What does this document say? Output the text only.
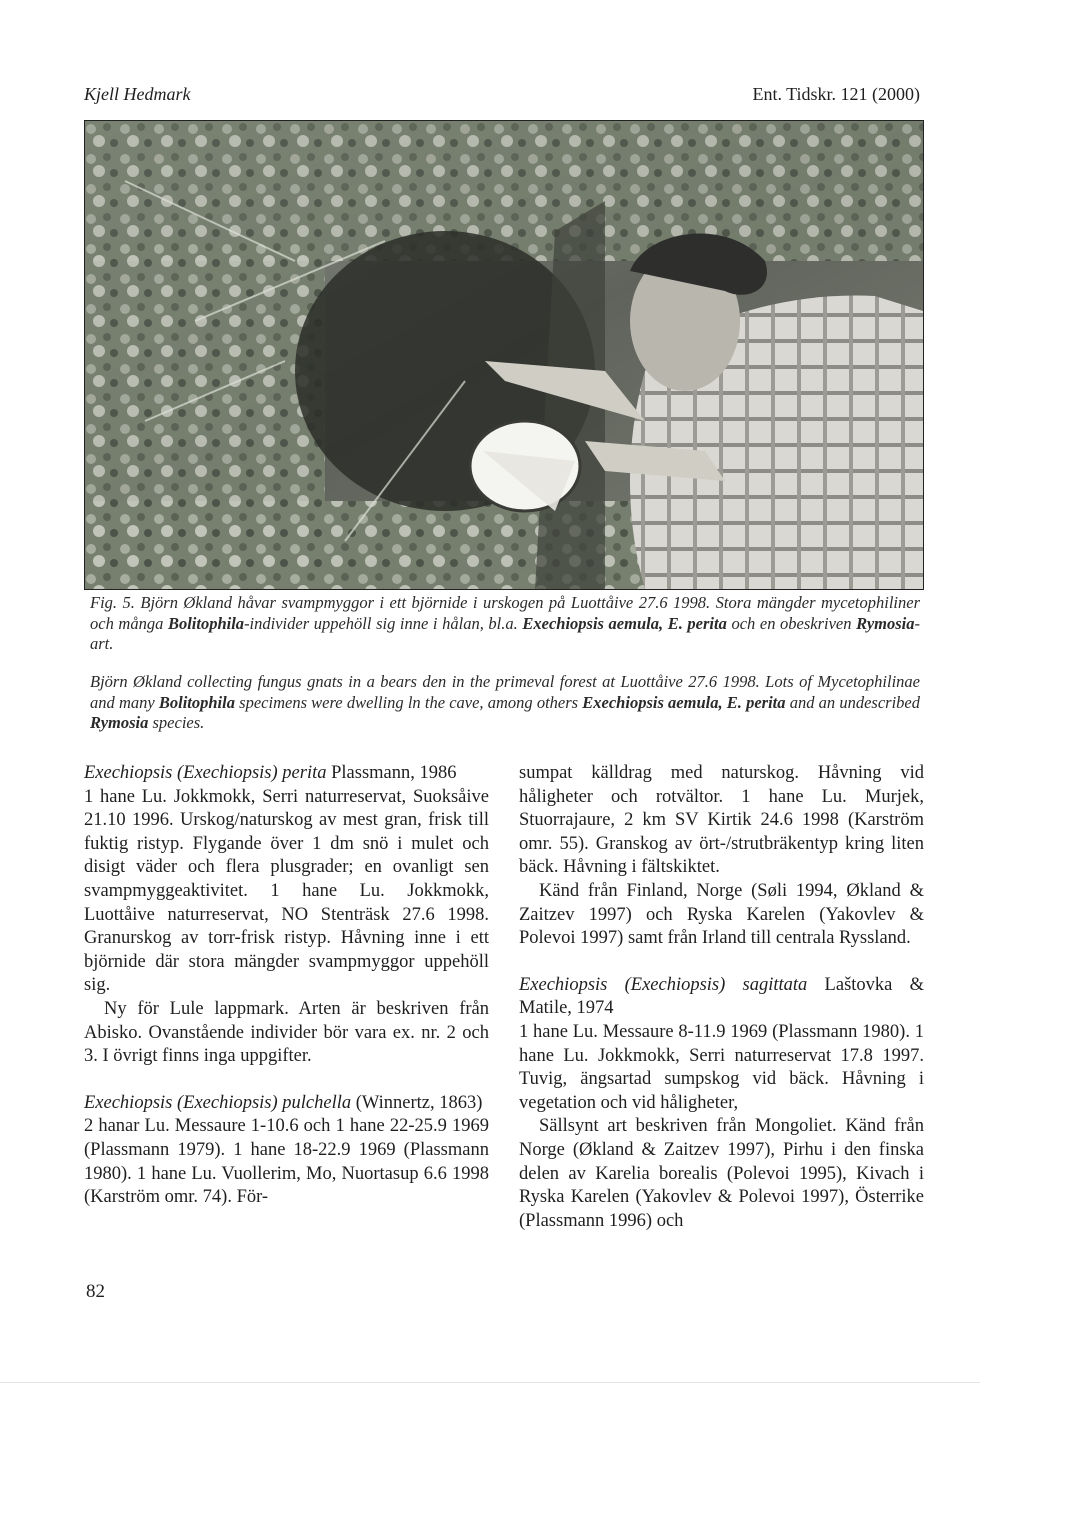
Kjell Hedmark	Ent. Tidskr. 121 (2000)
Fig. 5. Björn Økland håvar svampmyggor i ett björnide i urskogen på Luottåive 27.6 1998. Stora mängder mycetophiliner och många Bolitophila-individer uppehöll sig inne i hålan, bl.a. Exechiopsis aemula, E. perita och en obeskriven Rymosia-art.
Björn Økland collecting fungus gnats in a bears den in the primeval forest at Luottåive 27.6 1998. Lots of Mycetophilinae and many Bolitophila specimens were dwelling ln the cave, among others Exechiopsis aemula, E. perita and an undescribed Rymosia species.

Exechiopsis (Exechiopsis) perita Plassmann, 1986

1 hane Lu. Jokkmokk, Serri naturreservat, Suoksåive 21.10 1996. Urskog/naturskog av mest gran, frisk till fuktig ristyp. Flygande över 1 dm snö i mulet och disigt väder och flera plusgrader; en ovanligt sen svampmyggeaktivitet. 1 hane Lu. Jokkmokk, Luottåive naturreservat, NO Stenträsk 27.6 1998. Granurskog av torr-frisk ristyp. Håvning inne i ett björnide där stora mängder svampmyggor uppehöll sig.

Ny för Lule lappmark. Arten är beskriven från Abisko. Ovanstående individer bör vara ex. nr. 2 och 3. I övrigt finns inga uppgifter.

Exechiopsis (Exechiopsis) pulchella (Winnertz, 1863)

2 hanar Lu. Messaure 1-10.6 och 1 hane 22-25.9 1969 (Plassmann 1979). 1 hane 18-22.9 1969 (Plassmann 1980). 1 hane Lu. Vuollerim, Mo, Nuortasup 6.6 1998 (Karström omr. 74). För-

sumpat källdrag med naturskog. Håvning vid håligheter och rotvältor. 1 hane Lu. Murjek, Stuorrajaure, 2 km SV Kirtik 24.6 1998 (Karström omr. 55). Granskog av ört-/strutbräkentyp kring liten bäck. Håvning i fältskiktet.

Känd från Finland, Norge (Søli 1994, Økland & Zaitzev 1997) och Ryska Karelen (Yakovlev & Polevoi 1997) samt från Irland till centrala Ryssland.

Exechiopsis (Exechiopsis) sagittata Laštovka & Matile, 1974

1 hane Lu. Messaure 8-11.9 1969 (Plassmann 1980). 1 hane Lu. Jokkmokk, Serri naturreservat 17.8 1997. Tuvig, ängsartad sumpskog vid bäck. Håvning i vegetation och vid håligheter,

Sällsynt art beskriven från Mongoliet. Känd från Norge (Økland & Zaitzev 1997), Pirhu i den finska delen av Karelia borealis (Polevoi 1995), Kivach i Ryska Karelen (Yakovlev & Polevoi 1997), Österrike (Plassmann 1996) och

82
